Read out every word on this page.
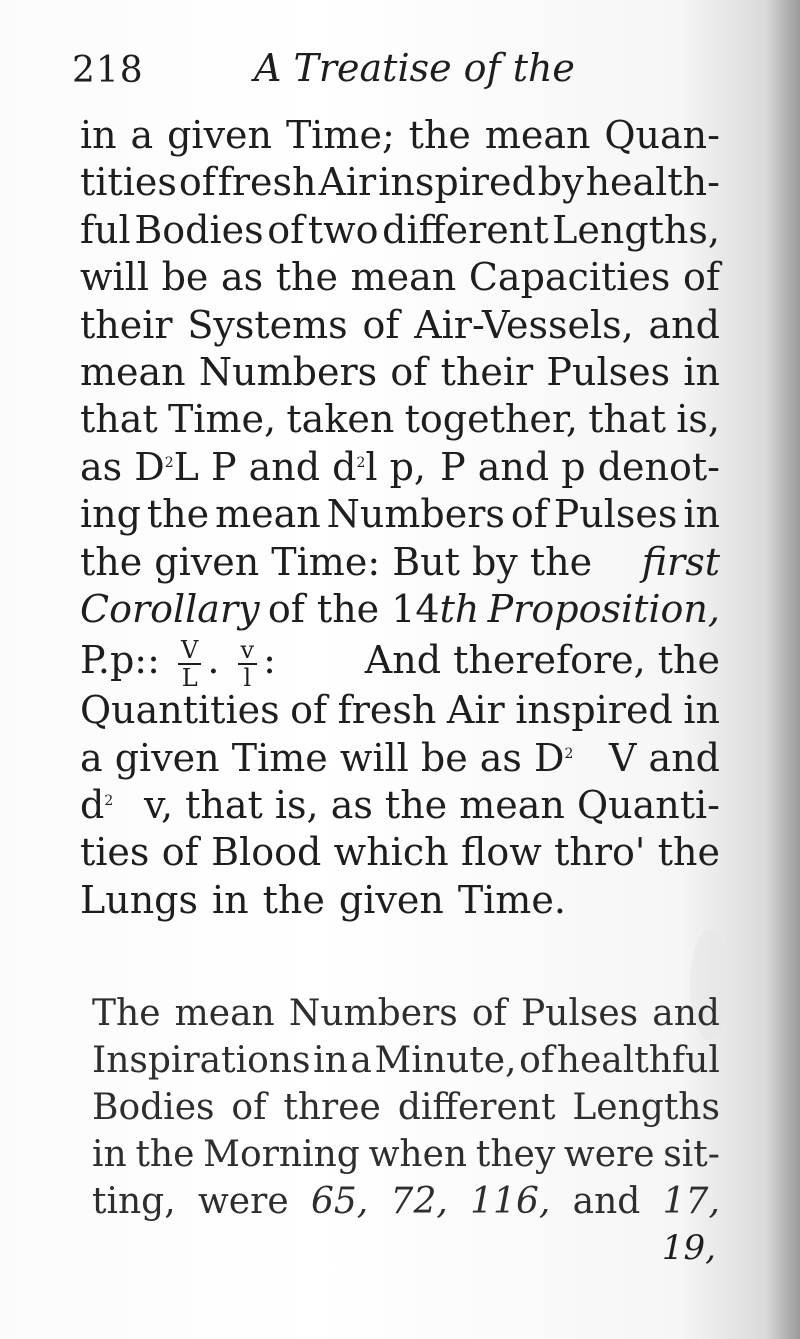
218	A Treatise of the
in a given Time; the mean Quan-
tities of fresh Air inspired by health-
ful Bodies of two different Lengths,
will be as the mean Capacities of
their Systems of Air-Vessels, and
mean Numbers of their Pulses in
that Time, taken together, that is,
as $D^2L$ P and $d^2l$ p, P and p denot-
ing the mean Numbers of Pulses in
the given Time: But by the first
Corollary of the 14th Proposition,
P.p:: $\frac{V}{L}$ . $\frac{v}{l}$ : And therefore, the
Quantities of fresh Air inspired in
a given Time will be as $D^2$ V and
$d^2$ v, that is, as the mean Quanti-
ties of Blood which flow thro' the
Lungs in the given Time.
The mean Numbers of Pulses and
Inspirations in a Minute, of healthful
Bodies of three different Lengths
in the Morning when they were sit-
ting, were 65, 72, 116, and 17,
19,
